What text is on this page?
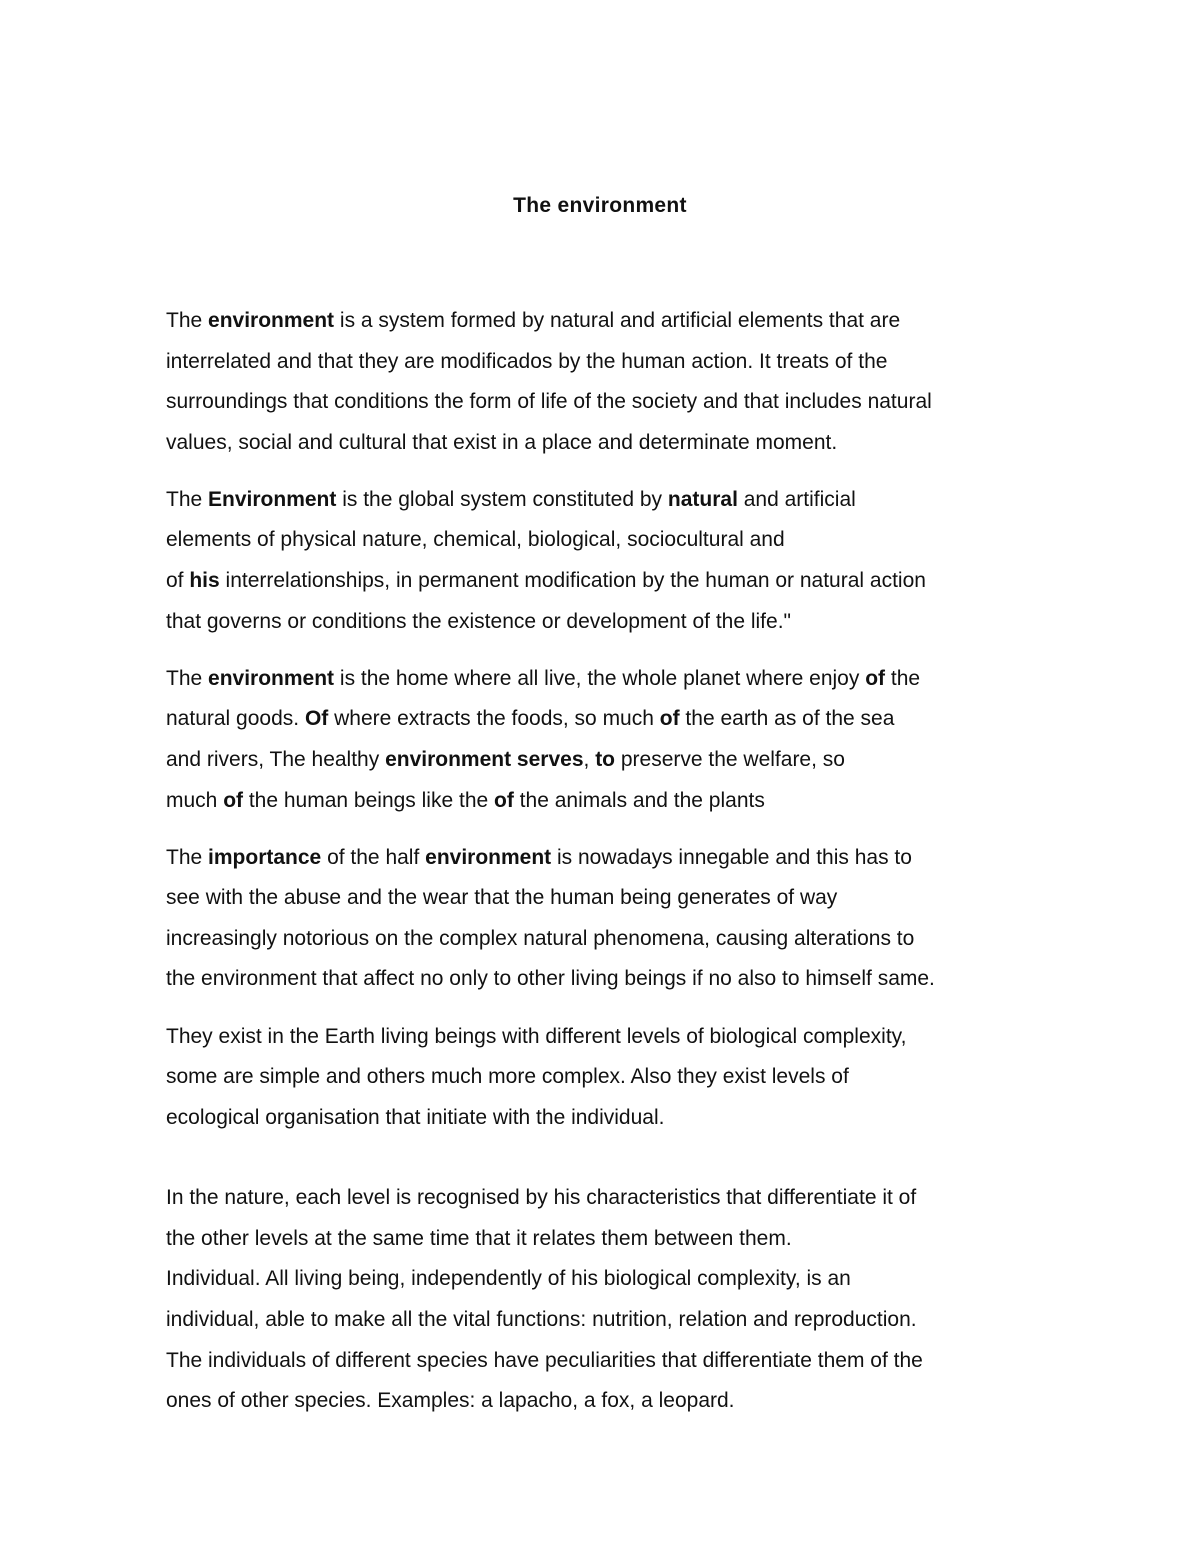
The environment

The environment is a system formed by natural and artificial elements that are
interrelated and that they are modificados by the human action. It treats of the
surroundings that conditions the form of life of the society and that includes natural
values, social and cultural that exist in a place and determinate moment.

The Environment is the global system constituted by natural and artificial
elements of physical nature, chemical, biological, sociocultural and
of his interrelationships, in permanent modification by the human or natural action
that governs or conditions the existence or development of the life."

The environment is the home where all live, the whole planet where enjoy of the
natural goods. Of where extracts the foods, so much of the earth as of the sea
and rivers, The healthy environment serves, to preserve the welfare, so
much of the human beings like the of the animals and the plants

The importance of the half environment is nowadays innegable and this has to
see with the abuse and the wear that the human being generates of way
increasingly notorious on the complex natural phenomena, causing alterations to
the environment that affect no only to other living beings if no also to himself same.

They exist in the Earth living beings with different levels of biological complexity,
some are simple and others much more complex. Also they exist levels of
ecological organisation that initiate with the individual.

In the nature, each level is recognised by his characteristics that differentiate it of
the other levels at the same time that it relates them between them.
Individual. All living being, independently of his biological complexity, is an
individual, able to make all the vital functions: nutrition, relation and reproduction.
The individuals of different species have peculiarities that differentiate them of the
ones of other species. Examples: a lapacho, a fox, a leopard.
